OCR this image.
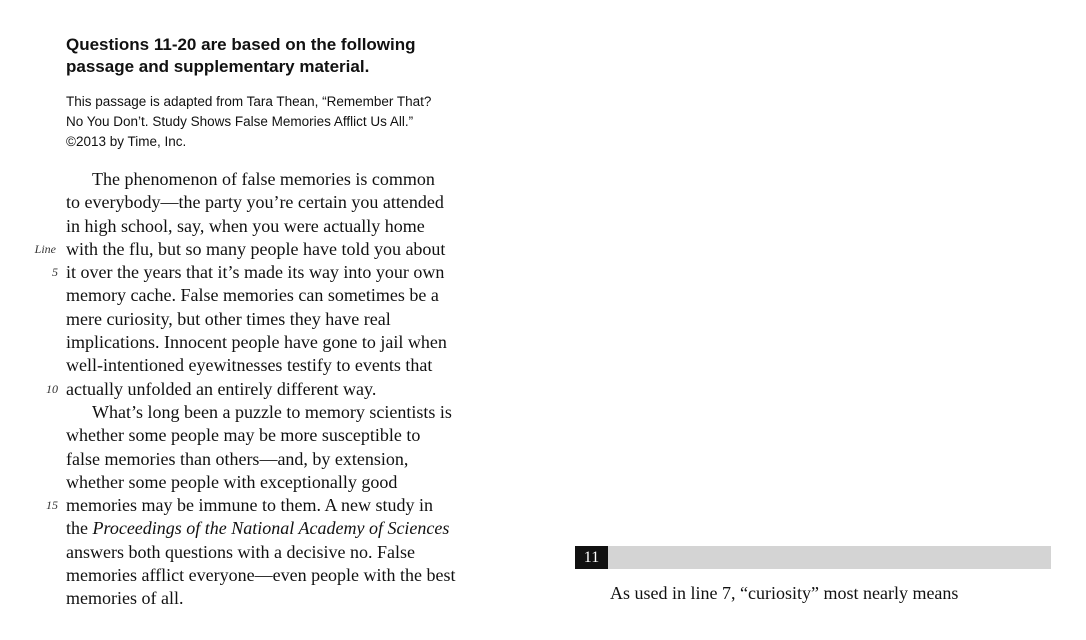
Questions 11-20 are based on the following
passage and supplementary material.

This passage is adapted from Tara Thean, “Remember That?
No You Don’t. Study Shows False Memories Afflict Us All.”
©2013 by Time, Inc.

The phenomenon of false memories is common
to everybody—the party you’re certain you attended
in high school, say, when you were actually home
Line with the flu, but so many people have told you about
5 it over the years that it’s made its way into your own
memory cache. False memories can sometimes be a
mere curiosity, but other times they have real
implications. Innocent people have gone to jail when
well-intentioned eyewitnesses testify to events that
10 actually unfolded an entirely different way.
What’s long been a puzzle to memory scientists is
whether some people may be more susceptible to
false memories than others—and, by extension,
whether some people with exceptionally good
15 memories may be immune to them. A new study in
the Proceedings of the National Academy of Sciences
answers both questions with a decisive no. False
memories afflict everyone—even people with the best
memories of all.
11
As used in line 7, “curiosity” most nearly means
